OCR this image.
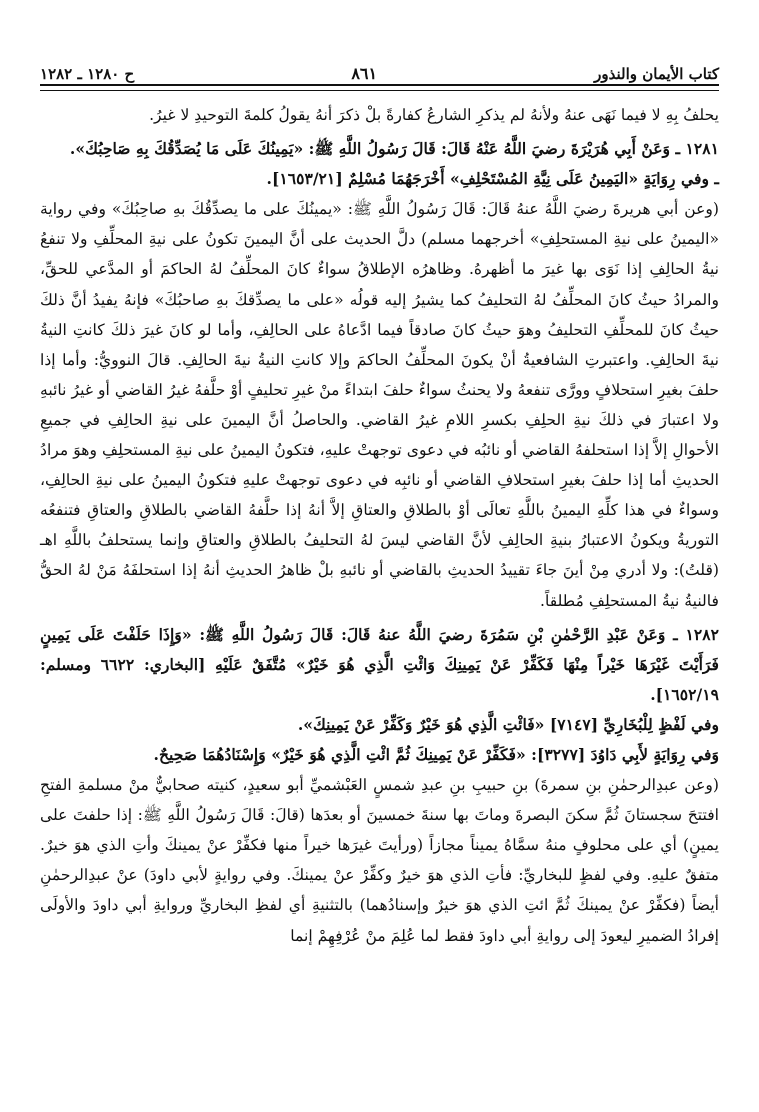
كتاب الأيمان والنذور
٨٦١
ح ١٢٨٠ ـ ١٢٨٢

يحلفُ بِهِ لا فيما نَهَى عنهُ ولأنهُ لم يذكرِ الشارعُ كفارةً بلْ ذكرَ أنهُ يقولُ كلمةَ التوحيدِ لا غيرُ.

١٢٨١ ـ وَعَنْ أَبِي هُرَيْرَةَ رضيَ اللَّهُ عَنْهُ قَالَ: قَالَ رَسُولُ اللَّهِ ﷺ: «يَمِينُكَ عَلَى مَا يُصَدِّقُكَ بِهِ صَاحِبُكَ».

ـ وفي رِوَايَةٍ «اليَمِينُ عَلَى نِيَّةِ المُسْتَحْلِفِ» أَخْرَجَهُمَا مُسْلِمٌ [١٦٥٣/٢١].

(وعن أبي هريرةَ رضيَ اللَّهُ عنهُ قَالَ: قَالَ رَسُولُ اللَّهِ ﷺ: «يمينُكَ على ما يصدِّقُكَ بهِ صاحِبُكَ» وفي رواية «اليمينُ على نيةِ المستحلِفِ» أخرجهما مسلم) دلَّ الحديث على أنَّ اليمينَ تكونُ على نيةِ المحلِّفِ ولا تنفعُ نيةُ الحالِفِ إذا نَوَى بها غيرَ ما أظهرهُ. وظاهرُه الإطلاقُ سواءٌ كانَ المحلِّفُ لهُ الحاكمَ أو المدَّعي للحقِّ، والمرادُ حيثُ كانَ المحلِّفُ لهُ التحليفُ كما يشيرُ إليه قولُه «على ما يصدِّقكَ بهِ صاحبُكَ» فإنهُ يفيدُ أنَّ ذلكَ حيثُ كانَ للمحلِّفِ التحليفُ وهوَ حيثُ كانَ صادقاً فيما ادَّعاهُ على الحالِفِ، وأما لو كانَ غيرَ ذلكَ كانتِ النيةُ نيةَ الحالِفِ. واعتبرتِ الشافعيةُ أنْ يكونَ المحلِّفُ الحاكمَ وإلا كانتِ النيةُ نيةَ الحالِفِ. قالَ النوويُّ: وأما إذا حلفَ بغيرِ استحلافٍ وورَّى تنفعهُ ولا يحنثُ سواءٌ حلفَ ابتداءً منْ غيرِ تحليفٍ أوْ حلَّفهُ غيرُ القاضي أو غيرُ نائبهِ ولا اعتبارَ في ذلكَ نيةِ الحلِفِ بكسرِ اللامِ غيرُ القاضي. والحاصلُ أنَّ اليمينَ على نيةِ الحالِفِ في جميعِ الأحوالِ إلاَّ إذا استحلفهُ القاضي أو نائبُه في دعوى توجهتْ عليهِ، فتكونُ اليمينُ على نيةِ المستحلِفِ وهوَ مرادُ الحديثِ أما إذا حلفَ بغيرِ استحلافِ القاضي أو نائبِه في دعوى توجهتْ عليهِ فتكونُ اليمينُ على نيةِ الحالِفِ، وسواءٌ في هذا كلِّهِ اليمينُ باللَّهِ تعالَى أوْ بالطلاقِ والعتاقِ إلاَّ أنهُ إذا حلَّفهُ القاضي بالطلاقِ والعتاقِ فتنفعُه التوريةُ ويكونُ الاعتبارُ بنيةِ الحالِفِ لأنَّ القاضي ليسَ لهُ التحليفُ بالطلاقِ والعتاقِ وإنما يستحلفُ باللَّهِ اهـ (قلتُ): ولا أدري مِنْ أينَ جاءَ تقييدُ الحديثِ بالقاضي أو نائبهِ بلْ ظاهرُ الحديثِ أنهُ إذا استحلفَهُ مَنْ لهُ الحقُّ فالنيةُ نيةُ المستحلِفِ مُطلقاً.

١٢٨٢ ـ وَعَنْ عَبْدِ الرَّحْمٰنِ بْنِ سَمُرَةَ رضيَ اللَّهُ عنهُ قَالَ: قَالَ رَسُولُ اللَّهِ ﷺ: «وَإِذَا حَلَفْتَ عَلَى يَمِينٍ فَرَأَيْتَ غَيْرَهَا خَيْراً مِنْهَا فَكَفِّرْ عَنْ يَمِينِكَ وَائْتِ الَّذِي هُوَ خَيْرٌ» مُتَّفَقٌ عَلَيْهِ [البخاري: ٦٦٢٢ ومسلم: ١٦٥٢/١٩].

وفي لَفْظٍ لِلْبُخَارِيِّ [٧١٤٧] «فَائْتِ الَّذِي هُوَ خَيْرٌ وَكَفِّرْ عَنْ يَمِينِكَ».

وَفي رِوَايَةٍ لأَبِي دَاوُدَ [٣٢٧٧]: «فَكَفِّرْ عَنْ يَمِينِكَ ثُمَّ ائْتِ الَّذِي هُوَ خَيْرٌ» وَإِسْنَادُهُمَا صَحِيحٌ.

(وعن عبدِالرحمٰنِ بنِ سمرةَ) بنِ حبيبِ بنِ عبدِ شمسٍ العَبْشميِّ أبو سعيدٍ، كنيته صحابيٌّ منْ مسلمةِ الفتحِ افتتحَ سجستانَ ثُمَّ سكنَ البصرةَ وماتَ بها سنةَ خمسينَ أو بعدَها (قالَ: قَالَ رَسُولُ اللَّهِ ﷺ: إذا حلفتَ على يمينٍ) أي على محلوفٍ منهُ سمَّاهُ يميناً مجازاً (ورأيتَ غيرَها خيراً منها فكفِّرْ عنْ يمينكَ وأتِ الذي هوَ خيرٌ. متفقٌ عليهِ. وفي لفظٍ للبخاريِّ: فأتِ الذي هوَ خيرٌ وكفِّرْ عنْ يمينكَ. وفي روايةٍ لأبي داودَ) عنْ عبدِالرحمٰنِ أيضاً (فكفِّرْ عنْ يمينكَ ثُمَّ ائتِ الذي هوَ خيرٌ وإسنادُهما) بالتثنيةِ أي لفظِ البخاريِّ وروايةِ أبي داودَ والأولَى إفرادُ الضميرِ ليعودَ إلى روايةِ أبي داودَ فقط لما عُلِمَ منْ عُرْفِهِمْ إنما
